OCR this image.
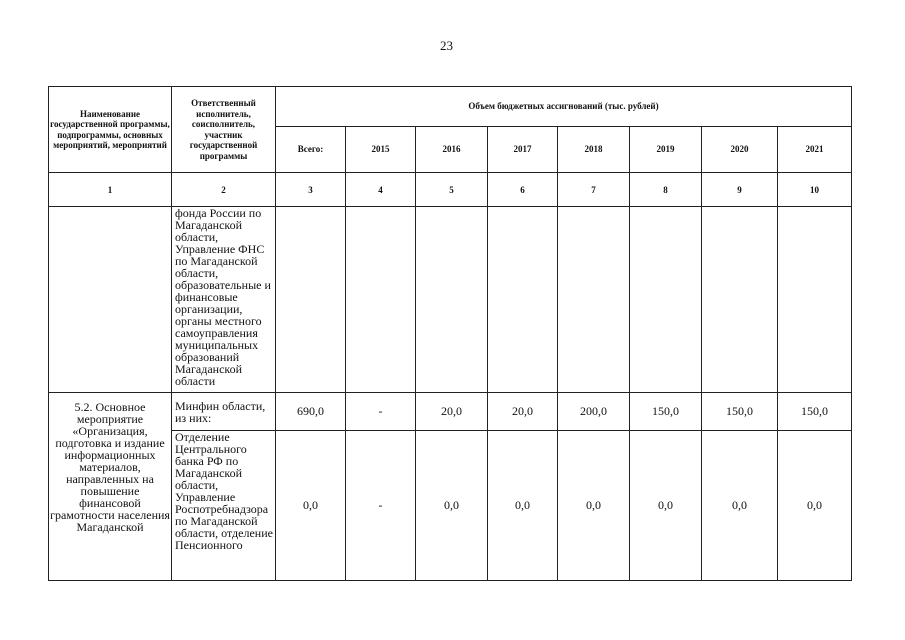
23
Наименование государственной программы, подпрограммы, основных мероприятий, мероприятий	Ответственный исполнитель, соисполнитель, участник государственной программы	Объем бюджетных ассигнований (тыс. рублей)							
		Всего:	2015	2016	2017	2018	2019	2020	2021
1	2	3	4	5	6	7	8	9	10
	фонда России по Магаданской области, Управление ФНС по Магаданской области, образовательные и финансовые организации, органы местного самоуправления муниципальных образований Магаданской области								
5.2. Основное мероприятие «Организация, подготовка и издание информационных материалов, направленных на повышение финансовой грамотности населения Магаданской	Минфин области, из них:	690,0	-	20,0	20,0	200,0	150,0	150,0	150,0
	Отделение Центрального банка РФ по Магаданской области, Управление Роспотребнадзора по Магаданской области, отделение Пенсионного	0,0	-	0,0	0,0	0,0	0,0	0,0	0,0
